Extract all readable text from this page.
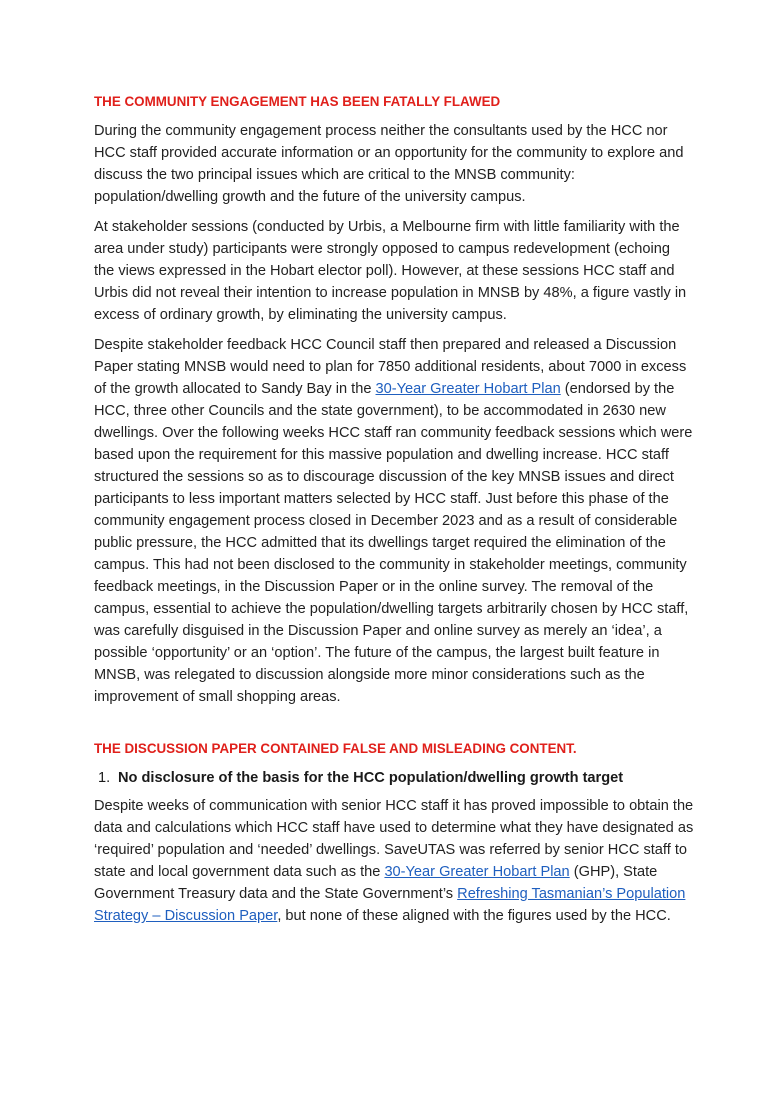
THE COMMUNITY ENGAGEMENT HAS BEEN FATALLY FLAWED

During the community engagement process neither the consultants used by the HCC nor HCC staff provided accurate information or an opportunity for the community to explore and discuss the two principal issues which are critical to the MNSB community: population/dwelling growth and the future of the university campus.

At stakeholder sessions (conducted by Urbis, a Melbourne firm with little familiarity with the area under study) participants were strongly opposed to campus redevelopment (echoing the views expressed in the Hobart elector poll). However, at these sessions HCC staff and Urbis did not reveal their intention to increase population in MNSB by 48%, a figure vastly in excess of ordinary growth, by eliminating the university campus.

Despite stakeholder feedback HCC Council staff then prepared and released a Discussion Paper stating MNSB would need to plan for 7850 additional residents, about 7000 in excess of the growth allocated to Sandy Bay in the 30-Year Greater Hobart Plan (endorsed by the HCC, three other Councils and the state government), to be accommodated in 2630 new dwellings. Over the following weeks HCC staff ran community feedback sessions which were based upon the requirement for this massive population and dwelling increase. HCC staff structured the sessions so as to discourage discussion of the key MNSB issues and direct participants to less important matters selected by HCC staff. Just before this phase of the community engagement process closed in December 2023 and as a result of considerable public pressure, the HCC admitted that its dwellings target required the elimination of the campus. This had not been disclosed to the community in stakeholder meetings, community feedback meetings, in the Discussion Paper or in the online survey. The removal of the campus, essential to achieve the population/dwelling targets arbitrarily chosen by HCC staff, was carefully disguised in the Discussion Paper and online survey as merely an ‘idea’, a possible ‘opportunity’ or an ‘option’. The future of the campus, the largest built feature in MNSB, was relegated to discussion alongside more minor considerations such as the improvement of small shopping areas.

THE DISCUSSION PAPER CONTAINED FALSE AND MISLEADING CONTENT.
1. No disclosure of the basis for the HCC population/dwelling growth target

Despite weeks of communication with senior HCC staff it has proved impossible to obtain the data and calculations which HCC staff have used to determine what they have designated as ‘required’ population and ‘needed’ dwellings. SaveUTAS was referred by senior HCC staff to state and local government data such as the 30-Year Greater Hobart Plan (GHP), State Government Treasury data and the State Government’s Refreshing Tasmanian’s Population Strategy – Discussion Paper, but none of these aligned with the figures used by the HCC.
